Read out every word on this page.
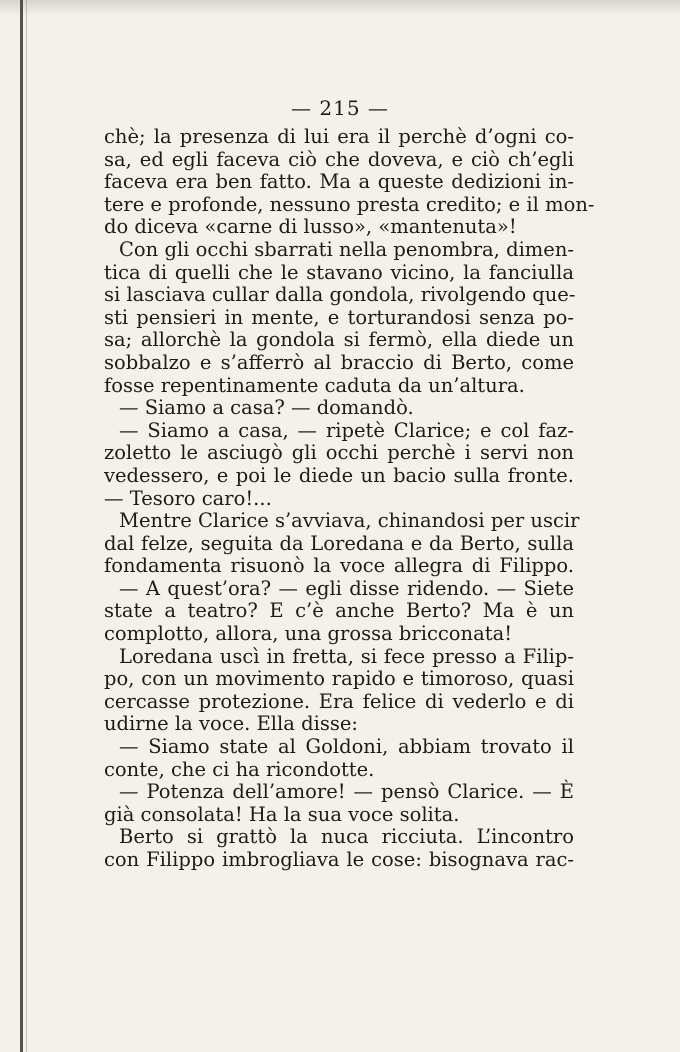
— 215 —
chè; la presenza di lui era il perchè d’ogni co-
sa, ed egli faceva ciò che doveva, e ciò ch’egli
faceva era ben fatto. Ma a queste dedizioni in-
tere e profonde, nessuno presta credito; e il mon-
do diceva «carne di lusso», «mantenuta»!
Con gli occhi sbarrati nella penombra, dimen-
tica di quelli che le stavano vicino, la fanciulla
si lasciava cullar dalla gondola, rivolgendo que-
sti pensieri in mente, e torturandosi senza po-
sa; allorchè la gondola si fermò, ella diede un
sobbalzo e s’afferrò al braccio di Berto, come
fosse repentinamente caduta da un’altura.
— Siamo a casa? — domandò.
— Siamo a casa, — ripetè Clarice; e col faz-
zoletto le asciugò gli occhi perchè i servi non
vedessero, e poi le diede un bacio sulla fronte.
— Tesoro caro!...
Mentre Clarice s’avviava, chinandosi per uscir
dal felze, seguita da Loredana e da Berto, sulla
fondamenta risuonò la voce allegra di Filippo.
— A quest’ora? — egli disse ridendo. — Siete
state a teatro? E c’è anche Berto? Ma è un
complotto, allora, una grossa bricconata!
Loredana uscì in fretta, si fece presso a Filip-
po, con un movimento rapido e timoroso, quasi
cercasse protezione. Era felice di vederlo e di
udirne la voce. Ella disse:
— Siamo state al Goldoni, abbiam trovato il
conte, che ci ha ricondotte.
— Potenza dell’amore! — pensò Clarice. — È
già consolata! Ha la sua voce solita.
Berto si grattò la nuca ricciuta. L’incontro
con Filippo imbrogliava le cose: bisognava rac-
